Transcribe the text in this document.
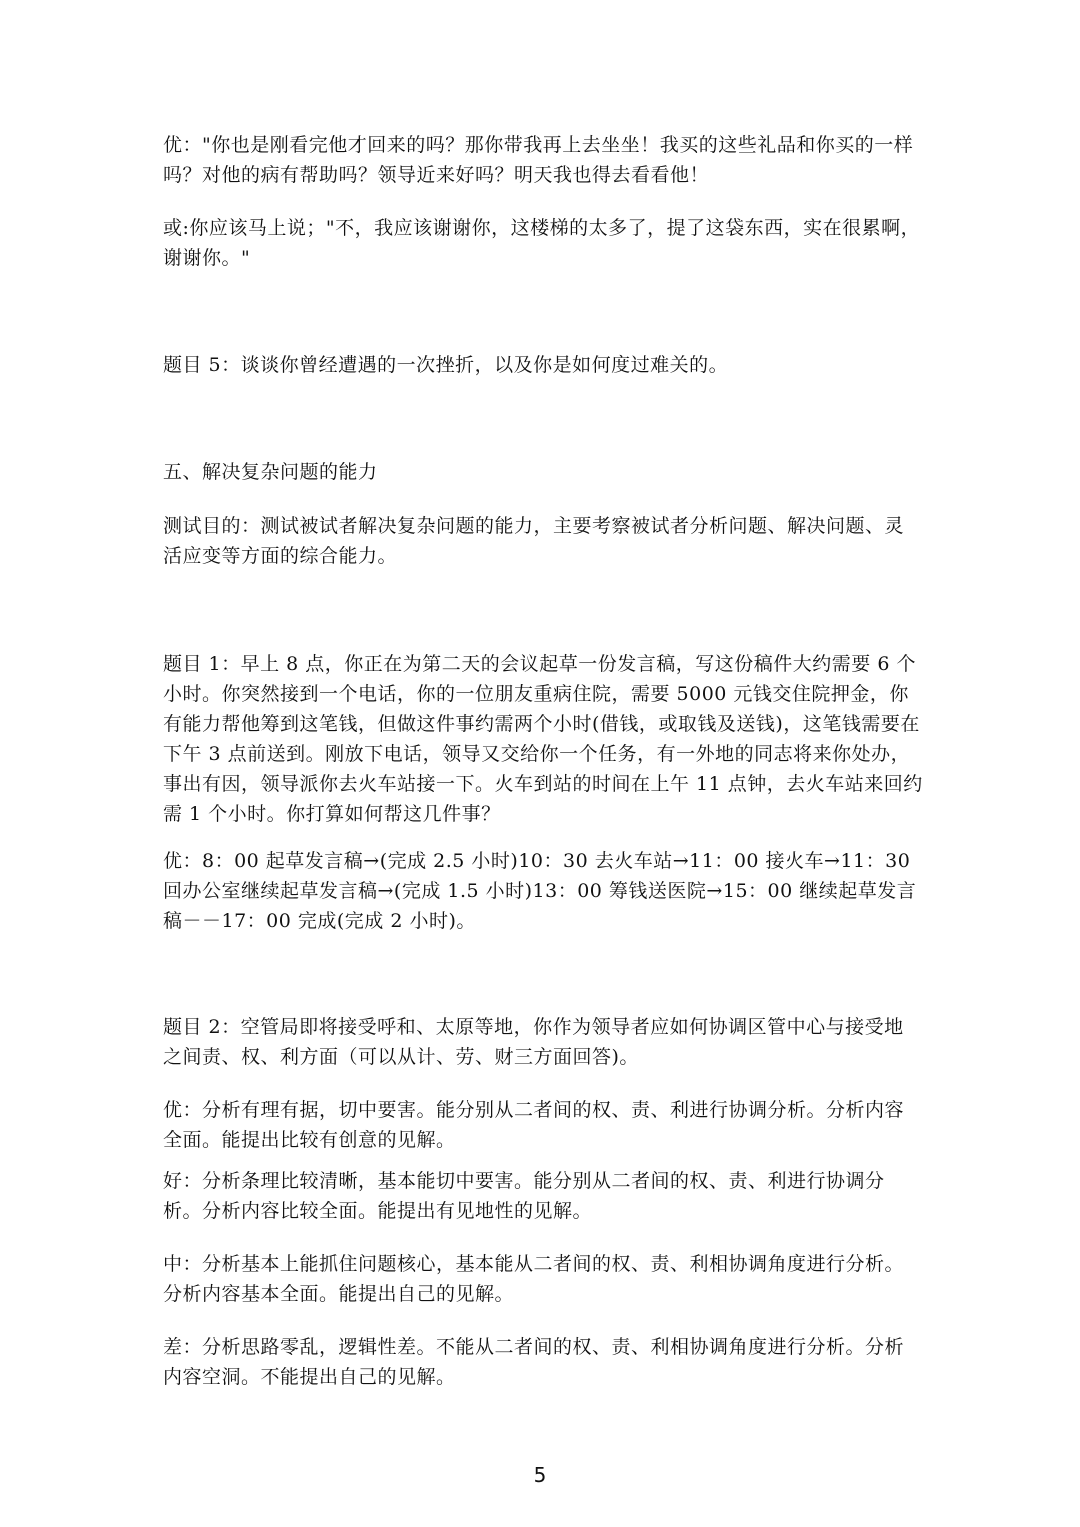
优："你也是刚看完他才回来的吗？那你带我再上去坐坐！我买的这些礼品和你买的一样吗？对他的病有帮助吗？领导近来好吗？明天我也得去看看他！

或:你应该马上说；"不，我应该谢谢你，这楼梯的太多了，提了这袋东西，实在很累啊，谢谢你。"

题目 5：谈谈你曾经遭遇的一次挫折，以及你是如何度过难关的。

五、解决复杂问题的能力

测试目的：测试被试者解决复杂问题的能力，主要考察被试者分析问题、解决问题、灵活应变等方面的综合能力。

题目 1：早上 8 点，你正在为第二天的会议起草一份发言稿，写这份稿件大约需要 6 个小时。你突然接到一个电话，你的一位朋友重病住院，需要 5000 元钱交住院押金，你有能力帮他筹到这笔钱，但做这件事约需两个小时(借钱，或取钱及送钱)，这笔钱需要在下午 3 点前送到。刚放下电话，领导又交给你一个任务，有一外地的同志将来你处办，事出有因，领导派你去火车站接一下。火车到站的时间在上午 11 点钟，去火车站来回约需 1 个小时。你打算如何帮这几件事？

优：8：00 起草发言稿→(完成 2.5 小时)10：30 去火车站→11：00 接火车→11：30 回办公室继续起草发言稿→(完成 1.5 小时)13：00 筹钱送医院→15：00 继续起草发言稿－－17：00 完成(完成 2 小时)。

题目 2：空管局即将接受呼和、太原等地，你作为领导者应如何协调区管中心与接受地之间责、权、利方面（可以从计、劳、财三方面回答)。

优：分析有理有据，切中要害。能分别从二者间的权、责、利进行协调分析。分析内容全面。能提出比较有创意的见解。

好：分析条理比较清晰，基本能切中要害。能分别从二者间的权、责、利进行协调分析。分析内容比较全面。能提出有见地性的见解。

中：分析基本上能抓住问题核心，基本能从二者间的权、责、利相协调角度进行分析。分析内容基本全面。能提出自己的见解。

差：分析思路零乱，逻辑性差。不能从二者间的权、责、利相协调角度进行分析。分析内容空洞。不能提出自己的见解。

5
